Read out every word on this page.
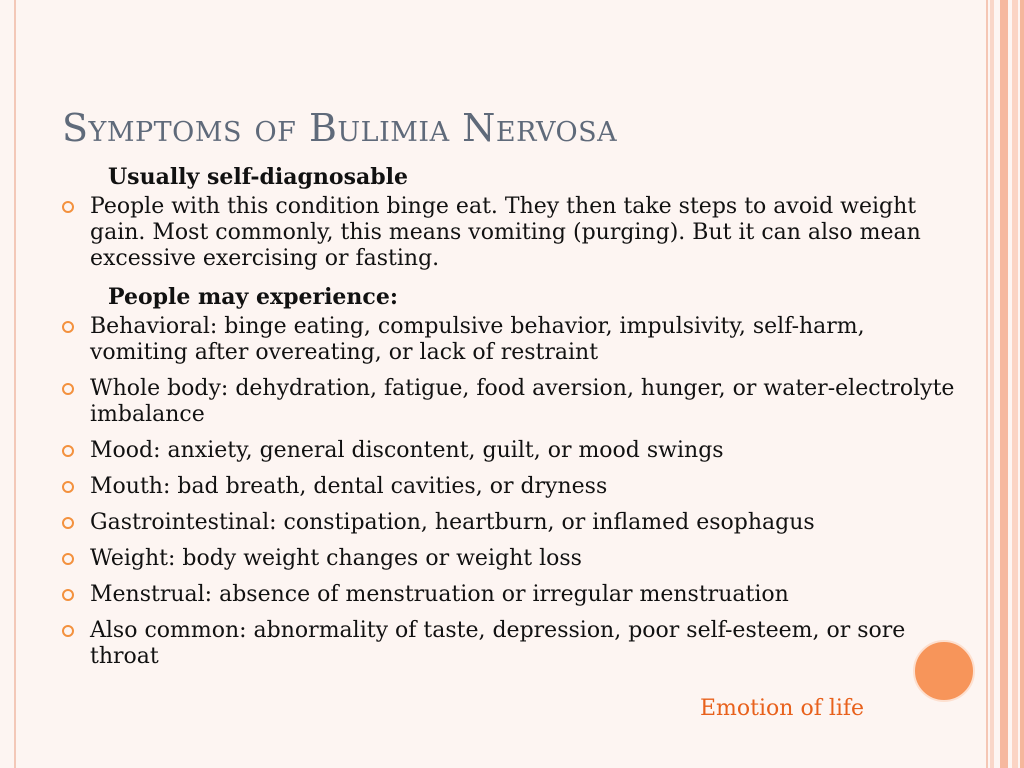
Symptoms of Bulimia Nervosa

Usually self-diagnosable

People with this condition binge eat. They then take steps to avoid weight gain. Most commonly, this means vomiting (purging). But it can also mean excessive exercising or fasting.

People may experience:

Behavioral: binge eating, compulsive behavior, impulsivity, self-harm, vomiting after overeating, or lack of restraint
Whole body: dehydration, fatigue, food aversion, hunger, or water-electrolyte imbalance
Mood: anxiety, general discontent, guilt, or mood swings
Mouth: bad breath, dental cavities, or dryness
Gastrointestinal: constipation, heartburn, or inflamed esophagus
Weight: body weight changes or weight loss
Menstrual: absence of menstruation or irregular menstruation
Also common: abnormality of taste, depression, poor self-esteem, or sore throat
Emotion of life
